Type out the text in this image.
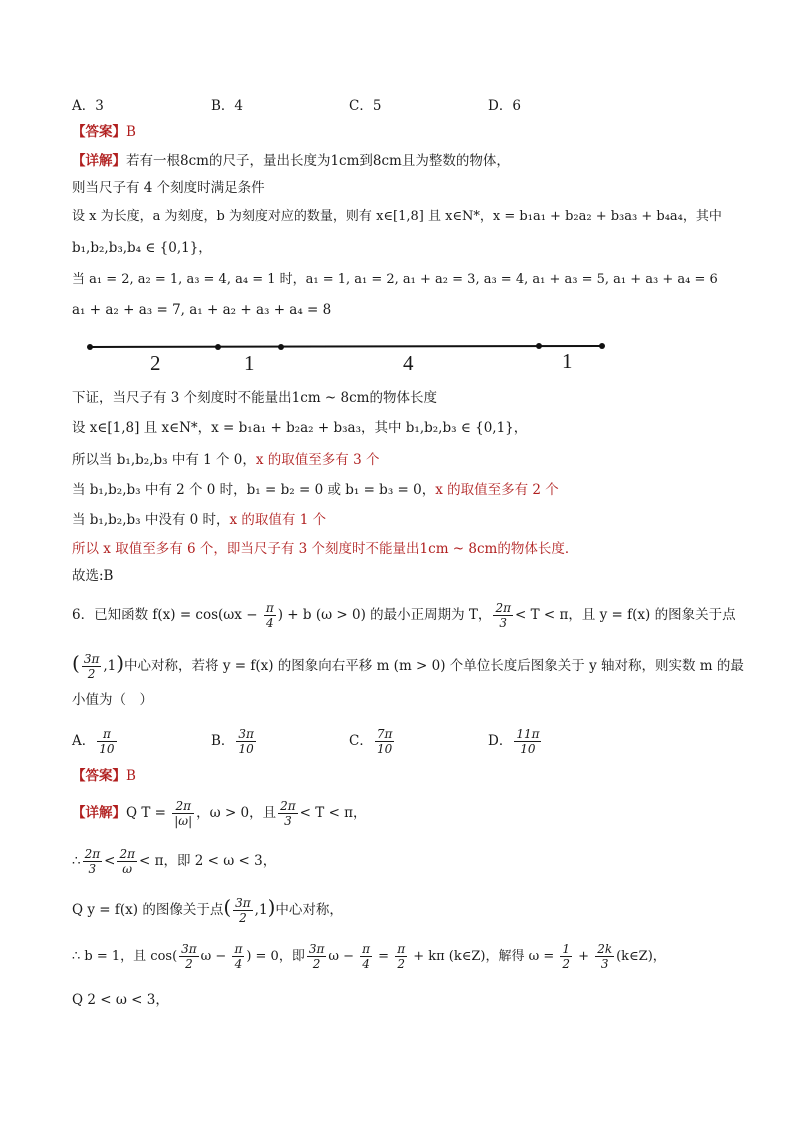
A．3	B．4	C．5	D．6
【答案】B
【详解】若有一根8cm的尺子，量出长度为1cm到8cm且为整数的物体，
则当尺子有 4 个刻度时满足条件
设 x 为长度，a 为刻度，b 为刻度对应的数量，则有 x∈[1,8] 且 x∈N*，x = b₁a₁ + b₂a₂ + b₃a₃ + b₄a₄，其中
b₁,b₂,b₃,b₄ ∈ {0,1}，
当 a₁ = 2, a₂ = 1, a₃ = 4, a₄ = 1 时，a₁ = 1, a₁ = 2, a₁ + a₂ = 3, a₃ = 4, a₁ + a₃ = 5, a₁ + a₃ + a₄ = 6
a₁ + a₂ + a₃ = 7, a₁ + a₂ + a₃ + a₄ = 8
2	1	4	1
下证，当尺子有 3 个刻度时不能量出1cm ~ 8cm的物体长度
设 x∈[1,8] 且 x∈N*，x = b₁a₁ + b₂a₂ + b₃a₃，其中 b₁,b₂,b₃ ∈ {0,1}，
所以当 b₁,b₂,b₃ 中有 1 个 0，x 的取值至多有 3 个
当 b₁,b₂,b₃ 中有 2 个 0 时，b₁ = b₂ = 0 或 b₁ = b₃ = 0，x 的取值至多有 2 个
当 b₁,b₂,b₃ 中没有 0 时，x 的取值有 1 个
所以 x 取值至多有 6 个，即当尺子有 3 个刻度时不能量出1cm ~ 8cm的物体长度．
故选:B
6．已知函数 $f(x) = \cos(\omega x - \frac{\pi}{4}$ ) + b (ω > 0) 的最小正周期为 T， $\frac{2\pi}{3} < T < \pi$，且 y = f(x) 的图象关于点
( $\frac{3\pi}{2} ,1$)中心对称，若将 y = f(x) 的图象向右平移 m (m > 0) 个单位长度后图象关于 y 轴对称，则实数 m 的最
小值为（　）
A． $\frac{\pi}{10}$	B． $\frac{3\pi}{10}$	C． $\frac{7\pi}{10}$	D． $\frac{11\pi}{10}$
【答案】B
【详解】Q $T = \frac{2\pi}{|\omega|}$ ，ω > 0，且 $\frac{2\pi}{3} < T < \pi$，
∴ $\frac{2\pi}{3} < \frac{2\pi}{\omega} < \pi$，即 2 < ω < 3，
Q y = f(x) 的图像关于点( $\frac{3\pi}{2} ,1$)中心对称，
∴ b = 1，且 $\cos( \frac{3\pi}{2}$ $\omega - \frac{\pi}{4}$ ) = 0，即 $\frac{3\pi}{2}$ $\omega - \frac{\pi}{4} = \frac{\pi}{2} + k\pi$ (k∈Z)，解得 $\omega = \frac{1}{2} + \frac{2k}{3}$ (k∈Z)，
Q 2 < ω < 3，
